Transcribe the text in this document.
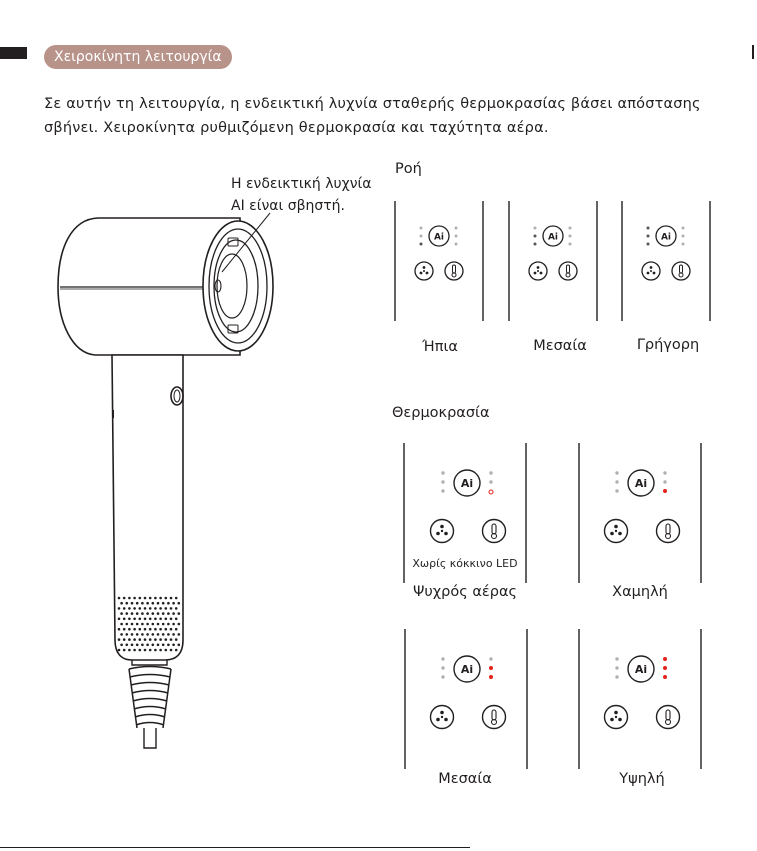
Χειροκίνητη λειτουργία
Σε αυτήν τη λειτουργία, η ενδεικτική λυχνία σταθερής θερμοκρασίας βάσει απόστασης σβήνει. Χειροκίνητα ρυθμιζόμενη θερμοκρασία και ταχύτητα αέρα.
Η ενδεικτική λυχνία
AI είναι σβηστή.
Ροή
Ai	Ai	Ai
Ήπια	Μεσαία	Γρήγορη
Θερμοκρασία
Ai	Ai
Ai	Ai
Χωρίς κόκκινο LED
Ψυχρός αέρας	Χαμηλή
Μεσαία	Υψηλή
